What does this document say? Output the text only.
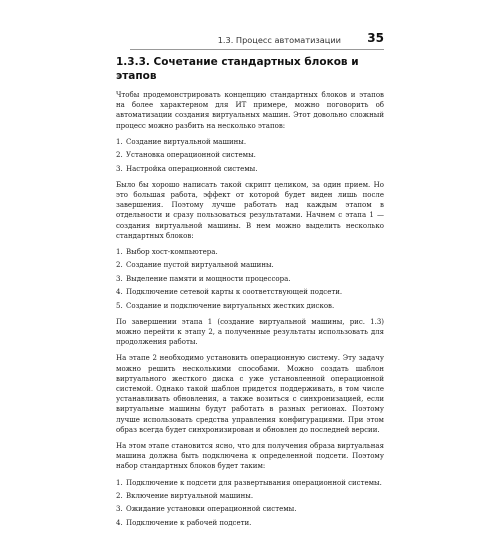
1.3. Процесс автоматизации 35
1.3.3. Сочетание стандартных блоков и этапов

Чтобы продемонстрировать концепцию стандартных блоков и этапов на более характерном для ИТ примере, можно поговорить об автоматизации создания виртуальных машин. Этот довольно сложный процесс можно разбить на несколько этапов:

1. Создание виртуальной машины.
2. Установка операционной системы.
3. Настройка операционной системы.

Было бы хорошо написать такой скрипт целиком, за один прием. Но это большая работа, эффект от которой будет виден лишь после завершения. Поэтому лучше работать над каждым этапом в отдельности и сразу пользоваться результатами. Начнем с этапа 1 — создания виртуальной машины. В нем можно выделить несколько стандартных блоков:

1. Выбор хост-компьютера.
2. Создание пустой виртуальной машины.
3. Выделение памяти и мощности процессора.
4. Подключение сетевой карты к соответствующей подсети.
5. Создание и подключение виртуальных жестких дисков.

По завершении этапа 1 (создание виртуальной машины, рис. 1.3) можно перейти к этапу 2, а полученные результаты использовать для продолжения работы.

На этапе 2 необходимо установить операционную систему. Эту задачу можно решить несколькими способами. Можно создать шаблон виртуального жесткого диска с уже установленной операционной системой. Однако такой шаблон придется поддерживать, в том числе устанавливать обновления, а также возиться с синхронизацией, если виртуальные машины будут работать в разных регионах. Поэтому лучше использовать средства управления конфигурациями. При этом образ всегда будет синхронизирован и обновлен до последней версии.

На этом этапе становится ясно, что для получения образа виртуальная машина должна быть подключена к определенной подсети. Поэтому набор стандартных блоков будет таким:

1. Подключение к подсети для развертывания операционной системы.
2. Включение виртуальной машины.
3. Ожидание установки операционной системы.
4. Подключение к рабочей подсети.
